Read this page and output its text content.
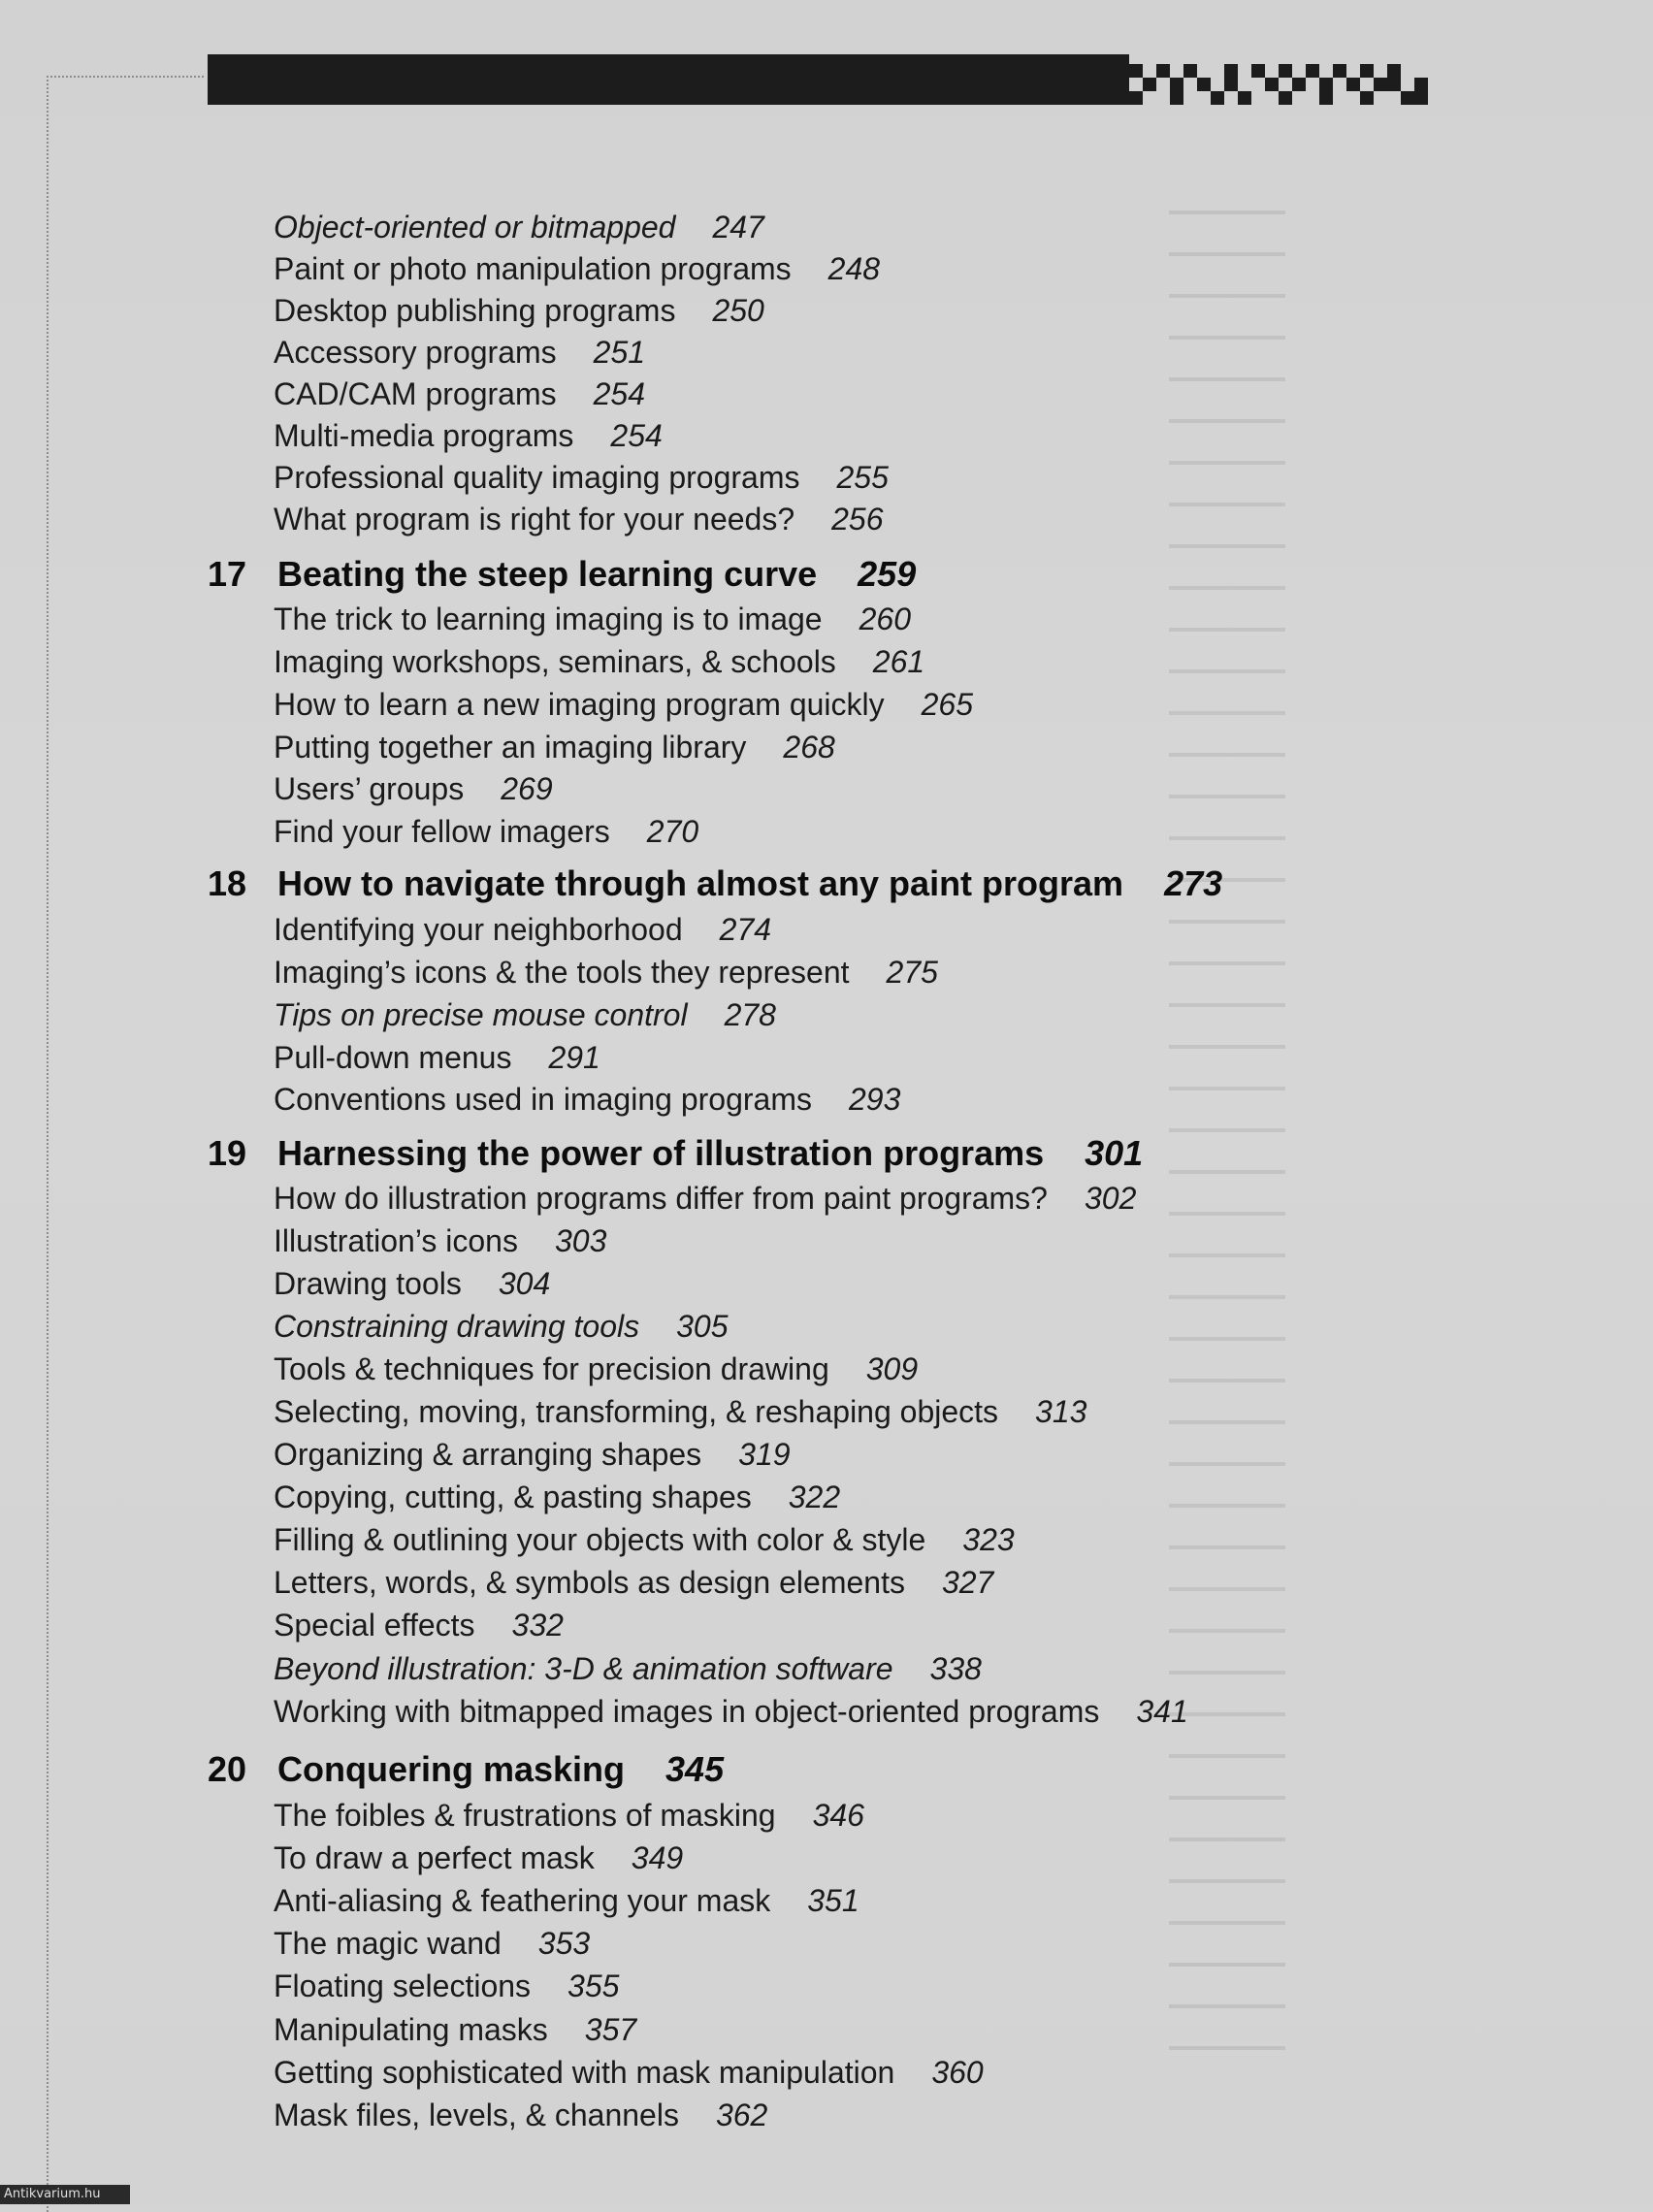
Object-oriented or bitmapped 247
Paint or photo manipulation programs 248
Desktop publishing programs 250
Accessory programs 251
CAD/CAM programs 254
Multi-media programs 254
Professional quality imaging programs 255
What program is right for your needs? 256
17 Beating the steep learning curve 259
The trick to learning imaging is to image 260
Imaging workshops, seminars, & schools 261
How to learn a new imaging program quickly 265
Putting together an imaging library 268
Users’ groups 269
Find your fellow imagers 270
18 How to navigate through almost any paint program 273
Identifying your neighborhood 274
Imaging’s icons & the tools they represent 275
Tips on precise mouse control 278
Pull-down menus 291
Conventions used in imaging programs 293
19 Harnessing the power of illustration programs 301
How do illustration programs differ from paint programs? 302
Illustration’s icons 303
Drawing tools 304
Constraining drawing tools 305
Tools & techniques for precision drawing 309
Selecting, moving, transforming, & reshaping objects 313
Organizing & arranging shapes 319
Copying, cutting, & pasting shapes 322
Filling & outlining your objects with color & style 323
Letters, words, & symbols as design elements 327
Special effects 332
Beyond illustration: 3-D & animation software 338
Working with bitmapped images in object-oriented programs 341
20 Conquering masking 345
The foibles & frustrations of masking 346
To draw a perfect mask 349
Anti-aliasing & feathering your mask 351
The magic wand 353
Floating selections 355
Manipulating masks 357
Getting sophisticated with mask manipulation 360
Mask files, levels, & channels 362
Antikvarium.hu
